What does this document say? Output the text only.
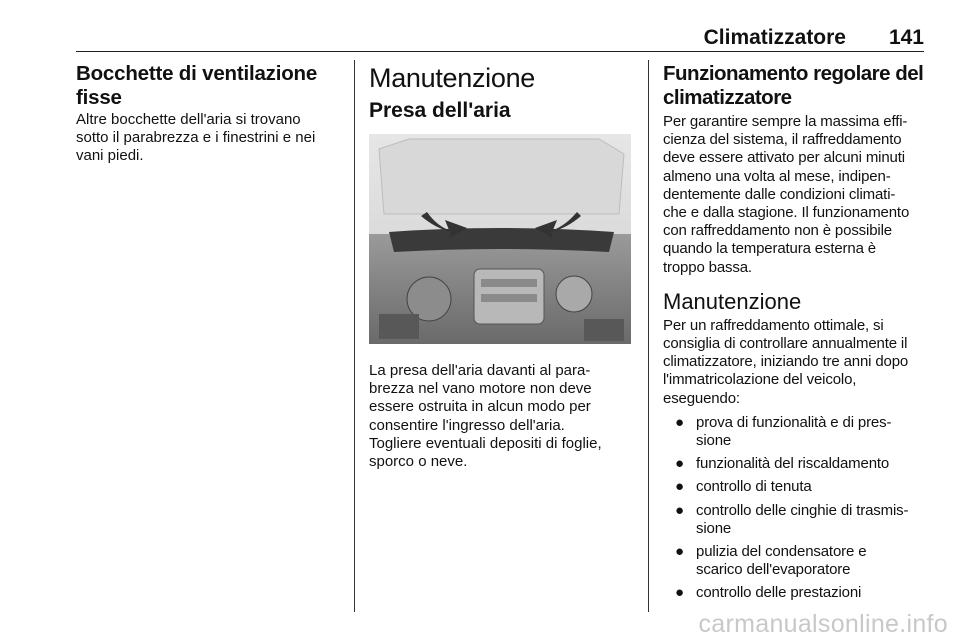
Climatizzatore 141
Bocchette di ventilazione
fisse

Altre bocchette dell'aria si trovano

sotto il parabrezza e i finestrini e nei

vani piedi.

Manutenzione
Presa dell'aria

La presa dell'aria davanti al para-

brezza nel vano motore non deve

essere ostruita in alcun modo per

consentire l'ingresso dell'aria.

Togliere eventuali depositi di foglie,

sporco o neve.

Funzionamento regolare del
climatizzatore

Per garantire sempre la massima effi-

cienza del sistema, il raffreddamento

deve essere attivato per alcuni minuti

almeno una volta al mese, indipen-

dentemente dalle condizioni climati-

che e dalla stagione. Il funzionamento

con raffreddamento non è possibile

quando la temperatura esterna è

troppo bassa.

Manutenzione

Per un raffreddamento ottimale, si

consiglia di controllare annualmente il

climatizzatore, iniziando tre anni dopo

l'immatricolazione del veicolo,

eseguendo:

● prova di funzionalità e di pres-
sione
● funzionalità del riscaldamento
● controllo di tenuta
● controllo delle cinghie di trasmis-
sione
● pulizia del condensatore e
scarico dell'evaporatore
● controllo delle prestazioni
carmanualsonline.info
